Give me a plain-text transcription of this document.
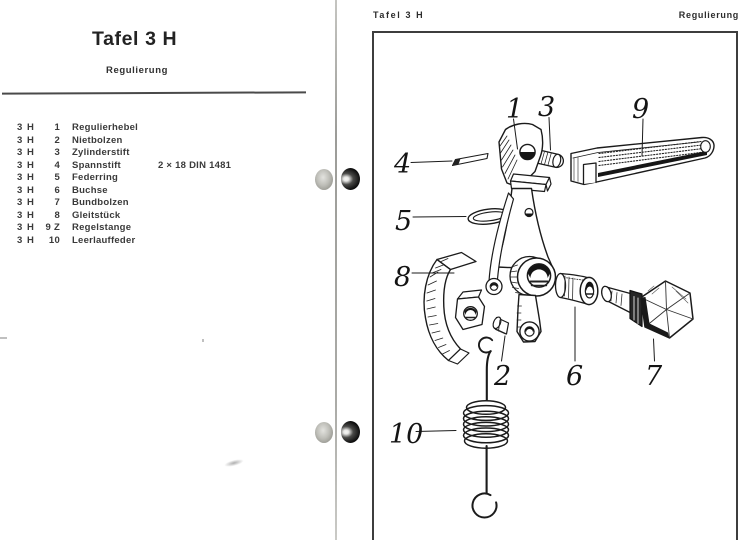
Tafel 3 H
Regulierung
3 H	1 Regulierhebel
3 H	2 Nietbolzen
3 H	3 Zylinderstift
3 H	4 Spannstift	2 × 18 DIN 1481
3 H	5 Federring
3 H	6 Buchse
3 H	7 Bundbolzen
3 H	8 Gleitstück
3 H	9 Z Regelstange
3 H	10 Leerlauffeder
Tafel 3 H	Regulierung
1 3	9
4
5
8
2 6 7
10
